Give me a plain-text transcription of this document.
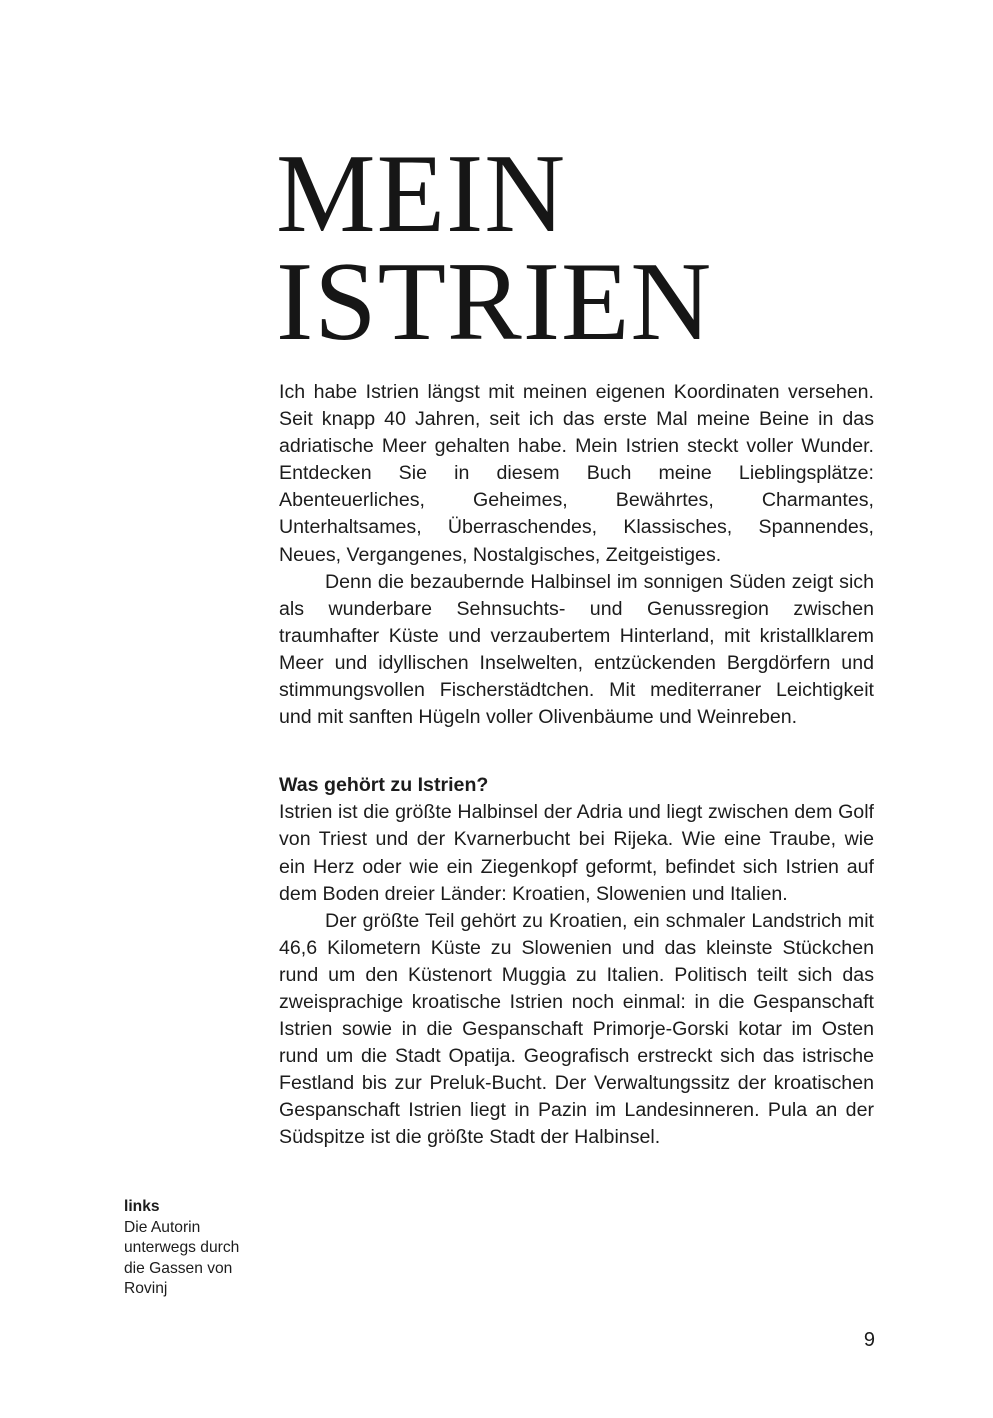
MEIN
ISTRIEN

Ich habe Istrien längst mit meinen eigenen Koordinaten versehen. Seit knapp 40 Jahren, seit ich das erste Mal meine Beine in das adriatische Meer gehalten habe. Mein Istrien steckt voller Wunder. Entdecken Sie in diesem Buch meine Lieblingsplätze: Abenteuerliches, Geheimes, Bewährtes, Charmantes, Unterhaltsames, Überraschendes, Klassisches, Spannendes, Neues, Vergangenes, Nostalgisches, Zeitgeistiges.

Denn die bezaubernde Halbinsel im sonnigen Süden zeigt sich als wunderbare Sehnsuchts- und Genussregion zwischen traumhafter Küste und verzaubertem Hinterland, mit kristallklarem Meer und idyllischen Inselwelten, entzückenden Bergdörfern und stimmungsvollen Fischerstädtchen. Mit mediterraner Leichtigkeit und mit sanften Hügeln voller Olivenbäume und Weinreben.

Was gehört zu Istrien?

Istrien ist die größte Halbinsel der Adria und liegt zwischen dem Golf von Triest und der Kvarnerbucht bei Rijeka. Wie eine Traube, wie ein Herz oder wie ein Ziegenkopf geformt, befindet sich Istrien auf dem Boden dreier Länder: Kroatien, Slowenien und Italien.

Der größte Teil gehört zu Kroatien, ein schmaler Landstrich mit 46,6 Kilometern Küste zu Slowenien und das kleinste Stückchen rund um den Küstenort Muggia zu Italien. Politisch teilt sich das zweisprachige kroatische Istrien noch einmal: in die Gespanschaft Istrien sowie in die Gespanschaft Primorje-Gorski kotar im Osten rund um die Stadt Opatija. Geografisch erstreckt sich das istrische Festland bis zur Preluk-Bucht. Der Verwaltungssitz der kroatischen Gespanschaft Istrien liegt in Pazin im Landesinneren. Pula an der Südspitze ist die größte Stadt der Halbinsel.

links
Die Autorin unterwegs durch die Gassen von Rovinj
9
